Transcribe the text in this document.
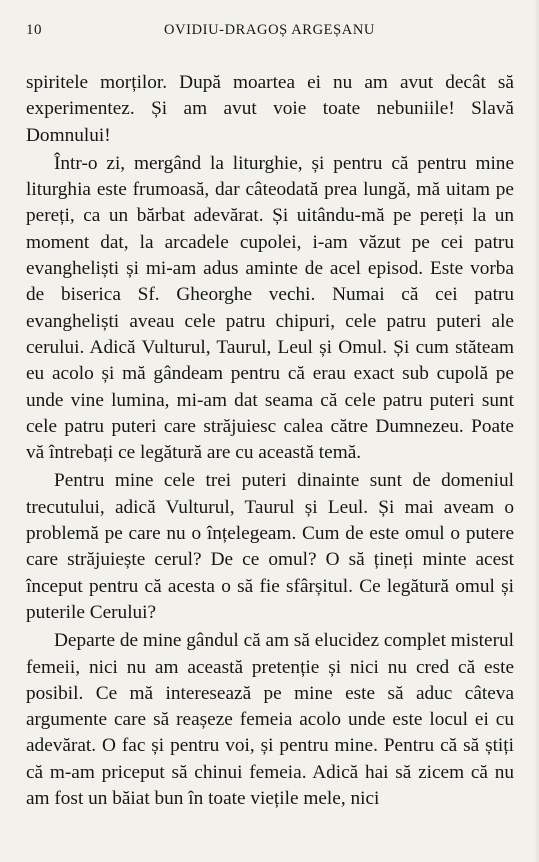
10	OVIDIU-DRAGOȘ ARGEȘANU

spiritele morților. După moartea ei nu am avut decât să experimentez. Și am avut voie toate nebuniile! Slavă Domnului!

Într-o zi, mergând la liturghie, și pentru că pentru mine liturghia este frumoasă, dar câteodată prea lungă, mă uitam pe pereți, ca un bărbat adevărat. Și uitându-mă pe pereți la un moment dat, la arcadele cupolei, i-am văzut pe cei patru evangheliști și mi-am adus aminte de acel episod. Este vorba de biserica Sf. Gheorghe vechi. Numai că cei patru evangheliști aveau cele patru chipuri, cele patru puteri ale cerului. Adică Vulturul, Taurul, Leul și Omul. Și cum stăteam eu acolo și mă gândeam pentru că erau exact sub cupolă pe unde vine lumina, mi-am dat seama că cele patru puteri sunt cele patru puteri care străjuiesc calea către Dumnezeu. Poate vă întrebați ce legătură are cu această temă.

Pentru mine cele trei puteri dinainte sunt de domeniul trecutului, adică Vulturul, Taurul și Leul. Și mai aveam o problemă pe care nu o înțelegeam. Cum de este omul o putere care străjuiește cerul? De ce omul? O să țineți minte acest început pentru că acesta o să fie sfârșitul. Ce legătură omul și puterile Cerului?

Departe de mine gândul că am să elucidez complet misterul femeii, nici nu am această pretenție și nici nu cred că este posibil. Ce mă interesează pe mine este să aduc câteva argumente care să reașeze femeia acolo unde este locul ei cu adevărat. O fac și pentru voi, și pentru mine. Pentru că să știți că m-am priceput să chinui femeia. Adică hai să zicem că nu am fost un băiat bun în toate viețile mele, nici
